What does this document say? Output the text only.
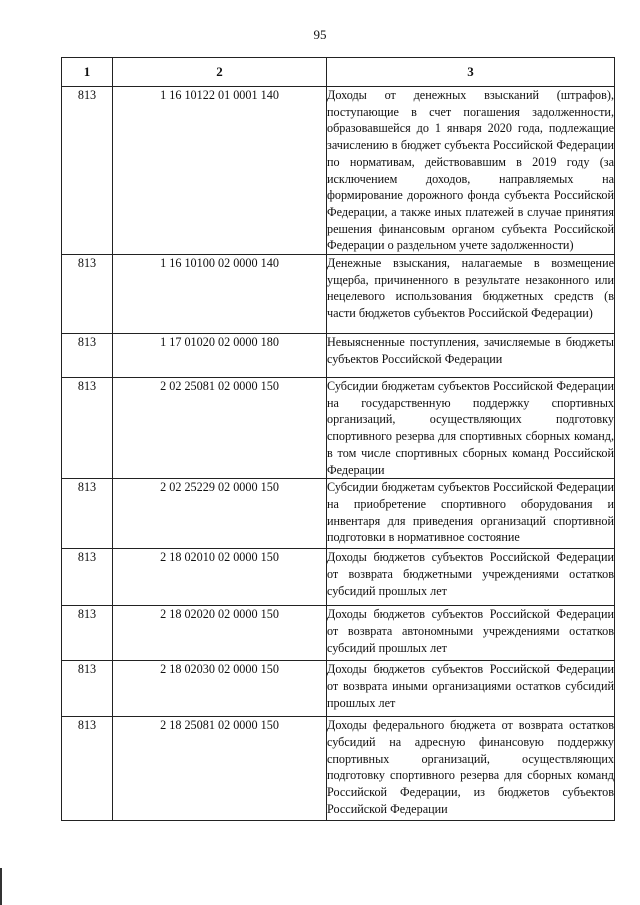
95
1	2	3
813	1 16 10122 01 0001 140	Доходы от денежных взысканий (штрафов), поступающие в счет погашения задолженности, образовавшейся до 1 января 2020 года, подлежащие зачислению в бюджет субъекта Российской Федерации по нормативам, действовавшим в 2019 году (за исключением доходов, направляемых на формирование дорожного фонда субъекта Российской Федерации, а также иных платежей в случае принятия решения финансовым органом субъекта Российской Федерации о раздельном учете задолженности)
813	1 16 10100 02 0000 140	Денежные взыскания, налагаемые в возмещение ущерба, причиненного в результате незаконного или нецелевого использования бюджетных средств (в части бюджетов субъектов Российской Федерации)
813	1 17 01020 02 0000 180	Невыясненные поступления, зачисляемые в бюджеты субъектов Российской Федерации
813	2 02 25081 02 0000 150	Субсидии бюджетам субъектов Российской Федерации на государственную поддержку спортивных организаций, осуществляющих подготовку спортивного резерва для спортивных сборных команд, в том числе спортивных сборных команд Российской Федерации
813	2 02 25229 02 0000 150	Субсидии бюджетам субъектов Российской Федерации на приобретение спортивного оборудования и инвентаря для приведения организаций спортивной подготовки в нормативное состояние
813	2 18 02010 02 0000 150	Доходы бюджетов субъектов Российской Федерации от возврата бюджетными учреждениями остатков субсидий прошлых лет
813	2 18 02020 02 0000 150	Доходы бюджетов субъектов Российской Федерации от возврата автономными учреждениями остатков субсидий прошлых лет
813	2 18 02030 02 0000 150	Доходы бюджетов субъектов Российской Федерации от возврата иными организациями остатков субсидий прошлых лет
813	2 18 25081 02 0000 150	Доходы федерального бюджета от возврата остатков субсидий на адресную финансовую поддержку спортивных организаций, осуществляющих подготовку спортивного резерва для сборных команд Российской Федерации, из бюджетов субъектов Российской Федерации
